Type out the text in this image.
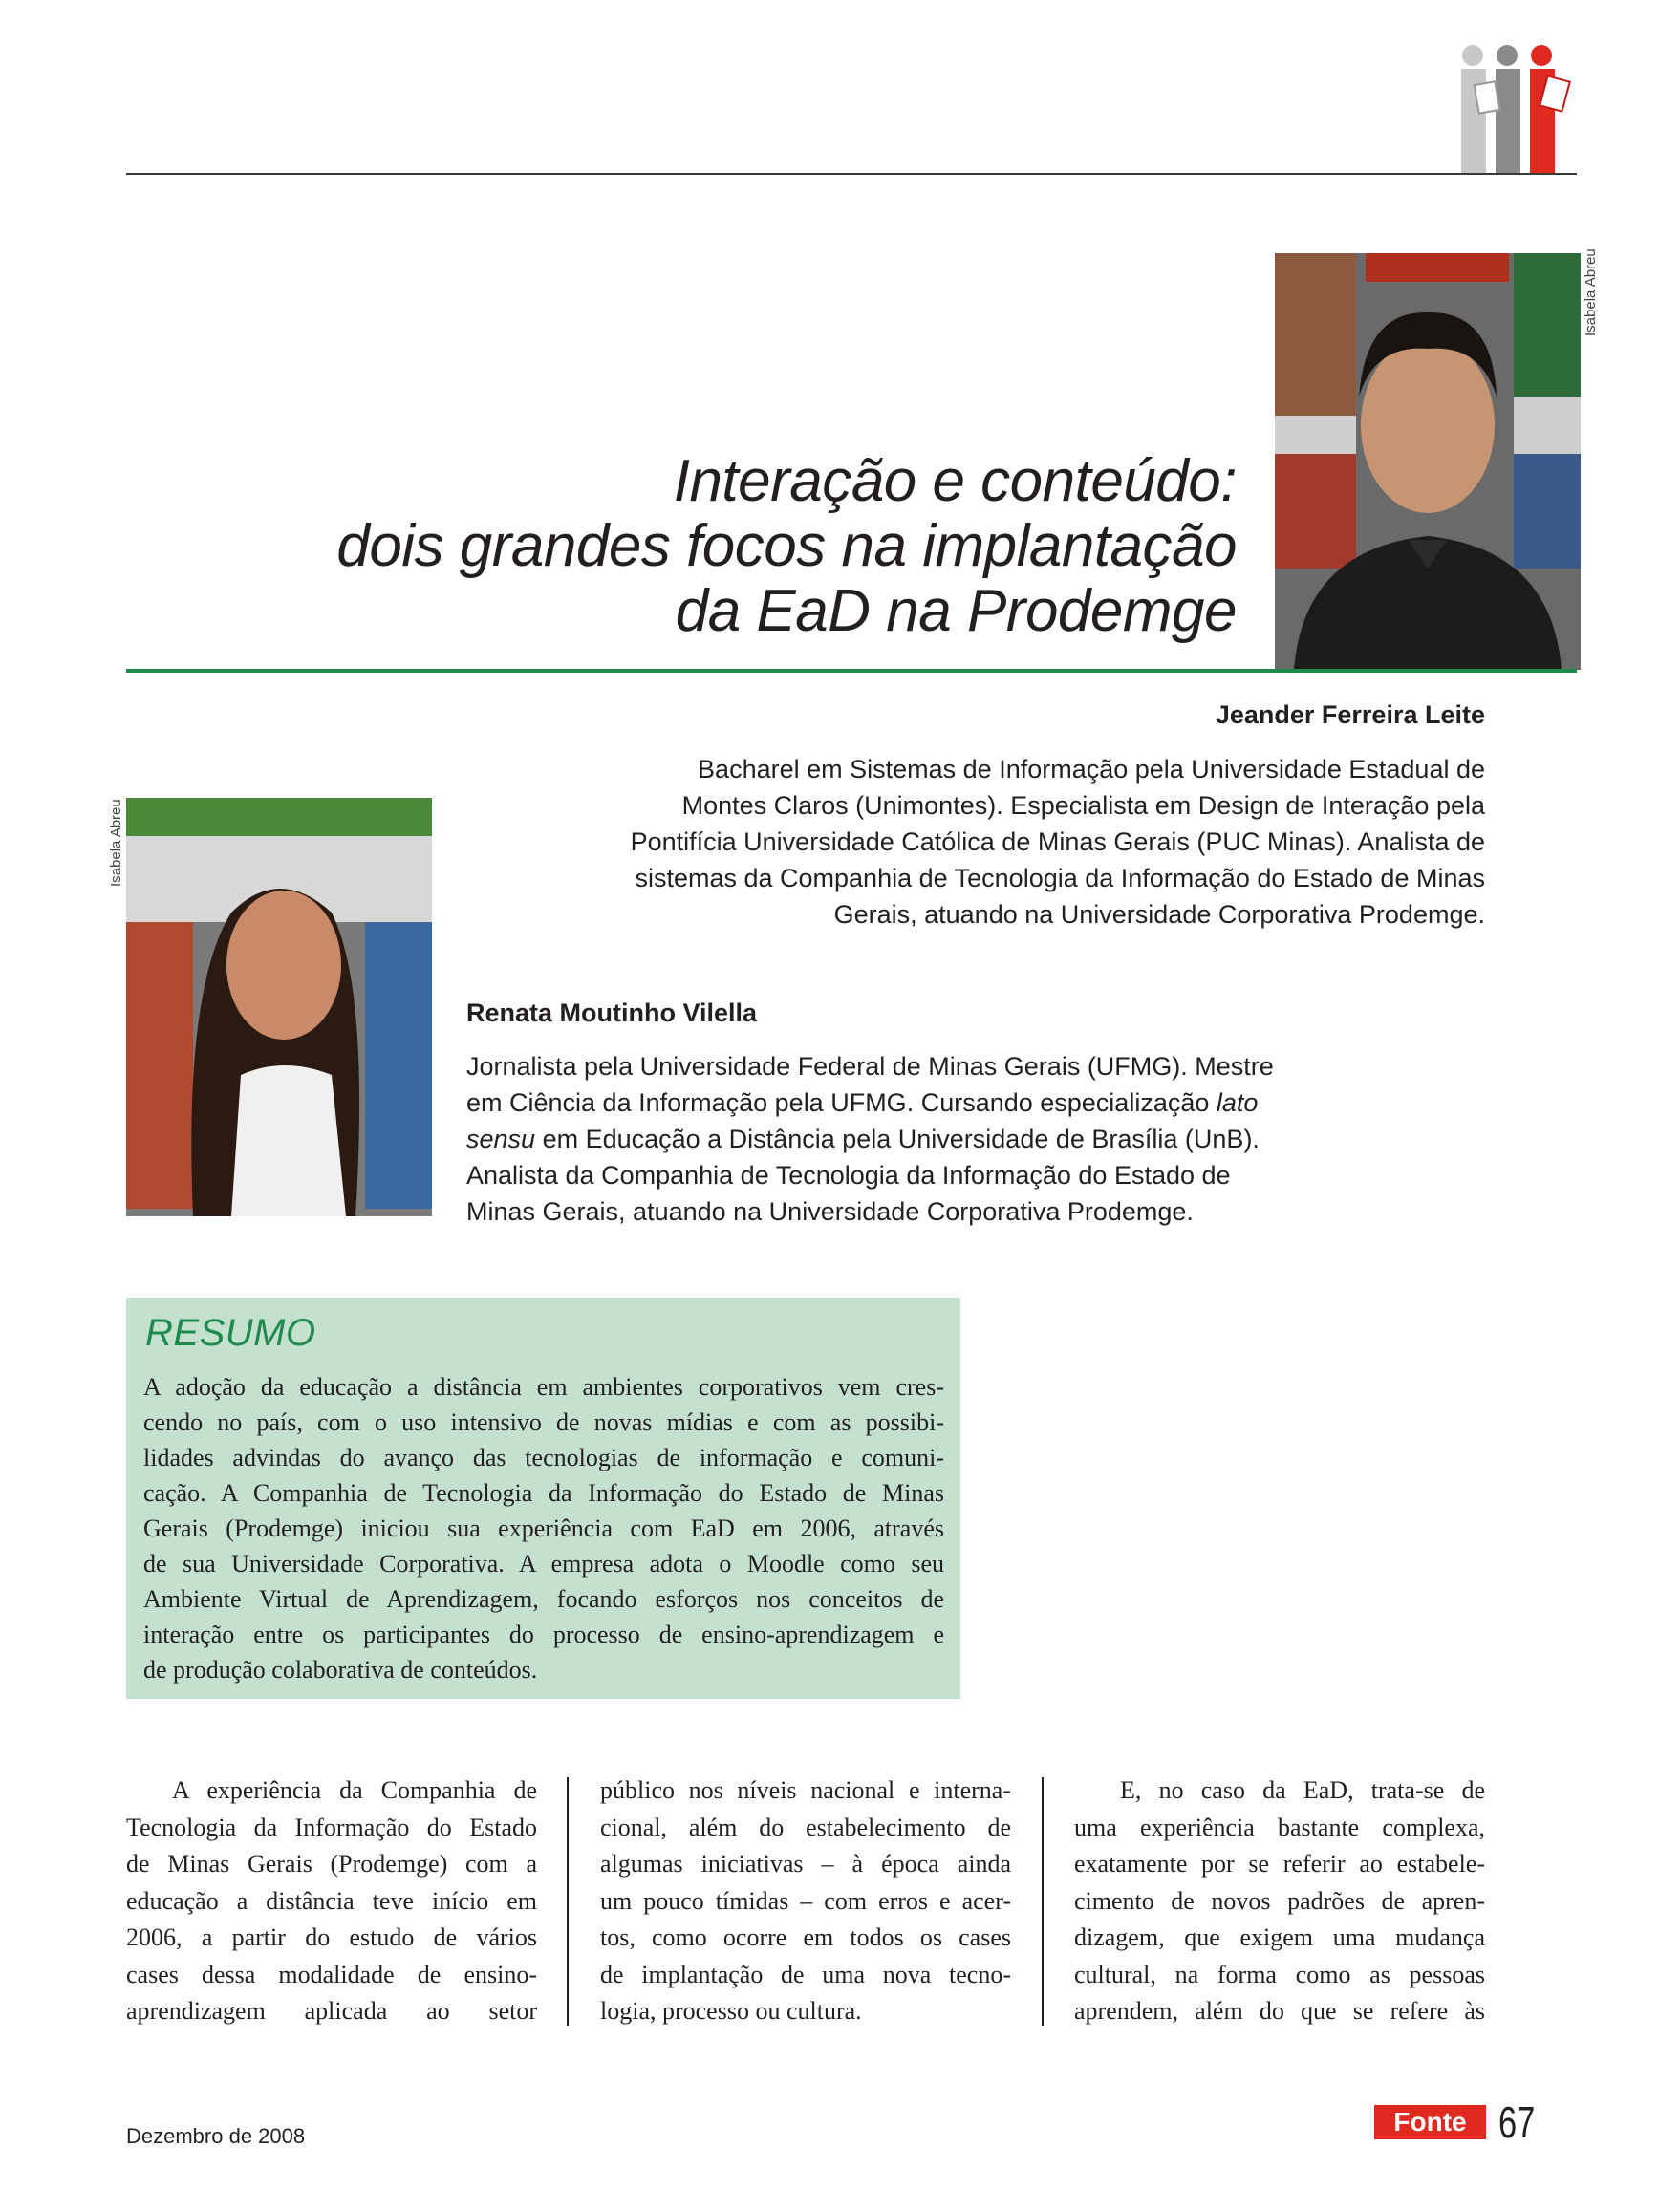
Interação e conteúdo:
dois grandes focos na implantação
da EaD na Prodemge
Isabela Abreu
Jeander Ferreira Leite
Bacharel em Sistemas de Informação pela Universidade Estadual de
Montes Claros (Unimontes). Especialista em Design de Interação pela
Pontifícia Universidade Católica de Minas Gerais (PUC Minas). Analista de
sistemas da Companhia de Tecnologia da Informação do Estado de Minas
Gerais, atuando na Universidade Corporativa Prodemge.
Isabela Abreu
Renata Moutinho Vilella
Jornalista pela Universidade Federal de Minas Gerais (UFMG). Mestre
em Ciência da Informação pela UFMG. Cursando especialização lato
sensu em Educação a Distância pela Universidade de Brasília (UnB).
Analista da Companhia de Tecnologia da Informação do Estado de
Minas Gerais, atuando na Universidade Corporativa Prodemge.
RESUMO
A adoção da educação a distância em ambientes corporativos vem cres-
cendo no país, com o uso intensivo de novas mídias e com as possibi-
lidades advindas do avanço das tecnologias de informação e comuni-
cação. A Companhia de Tecnologia da Informação do Estado de Minas
Gerais (Prodemge) iniciou sua experiência com EaD em 2006, através
de sua Universidade Corporativa. A empresa adota o Moodle como seu
Ambiente Virtual de Aprendizagem, focando esforços nos conceitos de
interação entre os participantes do processo de ensino-aprendizagem e
de produção colaborativa de conteúdos.
A experiência da Companhia de
Tecnologia da Informação do Estado
de Minas Gerais (Prodemge) com a
educação a distância teve início em
2006, a partir do estudo de vários
cases dessa modalidade de ensino-
aprendizagem aplicada ao setor
público nos níveis nacional e interna-
cional, além do estabelecimento de
algumas iniciativas – à época ainda
um pouco tímidas – com erros e acer-
tos, como ocorre em todos os cases
de implantação de uma nova tecno-
logia, processo ou cultura.
E, no caso da EaD, trata-se de
uma experiência bastante complexa,
exatamente por se referir ao estabele-
cimento de novos padrões de apren-
dizagem, que exigem uma mudança
cultural, na forma como as pessoas
aprendem, além do que se refere às
Dezembro de 2008	Fonte 67
